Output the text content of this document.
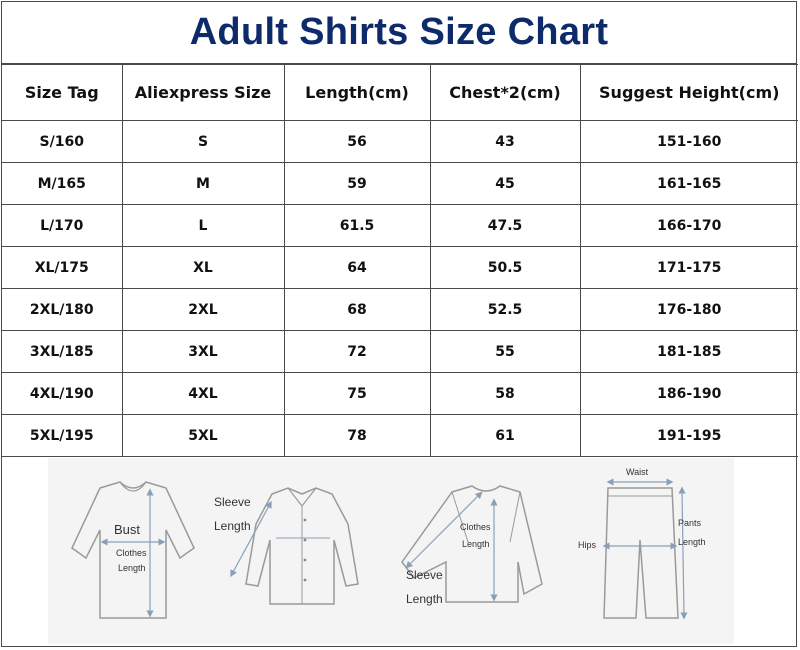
Adult Shirts Size Chart
Size Tag	Aliexpress Size	Length(cm)	Chest*2(cm)	Suggest Height(cm)
S/160	S	56	43	151-160
M/165	M	59	45	161-165
L/170	L	61.5	47.5	166-170
XL/175	XL	64	50.5	171-175
2XL/180	2XL	68	52.5	176-180
3XL/185	3XL	72	55	181-185
4XL/190	4XL	75	58	186-190
5XL/195	5XL	78	61	191-195
Bust
Clothes
Length
Sleeve
Length	Clothes
Length
Sleeve
Length
Waist
Hips
Pants
Length
